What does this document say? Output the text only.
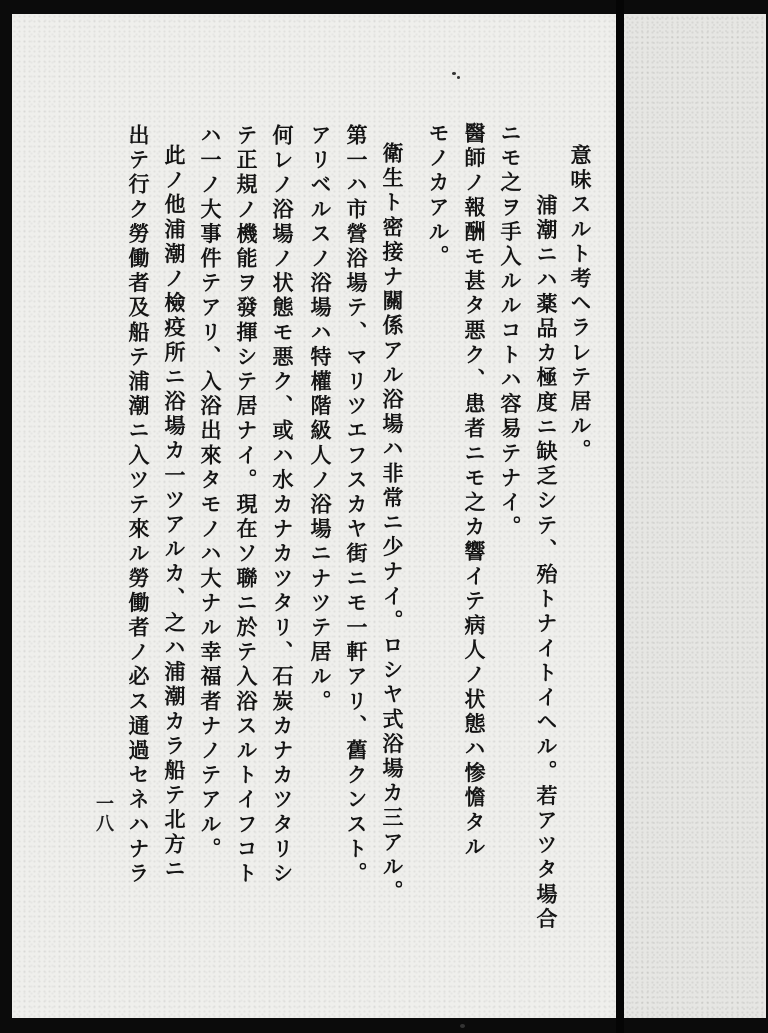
意味スルト考ヘラレテ居ル。
浦潮ニハ薬品カ極度ニ缺乏シテ、殆トナイトイヘル。若アツタ場合
ニモ之ヲ手入ルルコトハ容易テナイ。
醫師ノ報酬モ甚タ悪ク、患者ニモ之カ響イテ病人ノ状態ハ惨憺タル
モノカアル。
衛生ト密接ナ關係アル浴場ハ非常ニ少ナイ。ロシヤ式浴場カ三アル。
第一ハ市營浴場テ、マリツエフスカヤ街ニモ一軒アリ、舊クンスト。
アリベルスノ浴場ハ特權階級人ノ浴場ニナツテ居ル。
何レノ浴場ノ状態モ悪ク、或ハ水カナカツタリ、石炭カナカツタリシ
テ正規ノ機能ヲ發揮シテ居ナイ。現在ソ聯ニ於テ入浴スルトイフコト
ハ一ノ大事件テアリ、入浴出來タモノハ大ナル幸福者ナノテアル。
此ノ他浦潮ノ檢疫所ニ浴場カ一ツアルカ、之ハ浦潮カラ船テ北方ニ
出テ行ク勞働者及船テ浦潮ニ入ツテ來ル勞働者ノ必ス通過セネハナラ
一八
